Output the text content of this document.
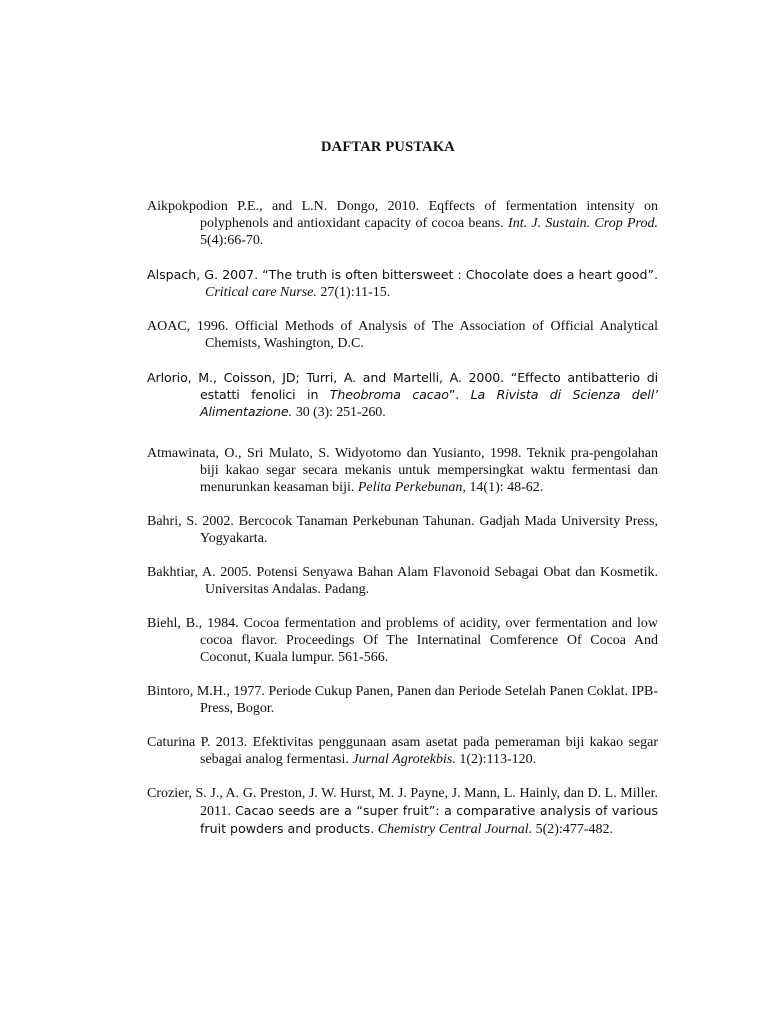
DAFTAR PUSTAKA
Aikpokpodion P.E., and L.N. Dongo, 2010. Eqffects of fermentation intensity on polyphenols and antioxidant capacity of cocoa beans. Int. J. Sustain. Crop Prod. 5(4):66-70.
Alspach, G. 2007. “The truth is often bittersweet : Chocolate does a heart good”. Critical care Nurse. 27(1):11-15.
AOAC, 1996. Official Methods of Analysis of The Association of Official Analytical Chemists, Washington, D.C.
Arlorio, M., Coisson, JD; Turri, A. and Martelli, A. 2000. “Effecto antibatterio di estatti fenolici in Theobroma cacao”. La Rivista di Scienza dell’ Alimentazione. 30 (3): 251-260.
Atmawinata, O., Sri Mulato, S. Widyotomo dan Yusianto, 1998. Teknik pra-pengolahan biji kakao segar secara mekanis untuk mempersingkat waktu fermentasi dan menurunkan keasaman biji. Pelita Perkebunan, 14(1): 48-62.
Bahri, S. 2002. Bercocok Tanaman Perkebunan Tahunan. Gadjah Mada University Press, Yogyakarta.
Bakhtiar, A. 2005. Potensi Senyawa Bahan Alam Flavonoid Sebagai Obat dan Kosmetik. Universitas Andalas. Padang.
Biehl, B., 1984. Cocoa fermentation and problems of acidity, over fermentation and low cocoa flavor. Proceedings Of The Internatinal Comference Of Cocoa And Coconut, Kuala lumpur. 561-566.
Bintoro, M.H., 1977. Periode Cukup Panen, Panen dan Periode Setelah Panen Coklat. IPB-Press, Bogor.
Caturina P. 2013. Efektivitas penggunaan asam asetat pada pemeraman biji kakao segar sebagai analog fermentasi. Jurnal Agrotekbis. 1(2):113-120.
Crozier, S. J., A. G. Preston, J. W. Hurst, M. J. Payne, J. Mann, L. Hainly, dan D. L. Miller. 2011. Cacao seeds are a “super fruit”: a comparative analysis of various fruit powders and products. Chemistry Central Journal. 5(2):477-482.
